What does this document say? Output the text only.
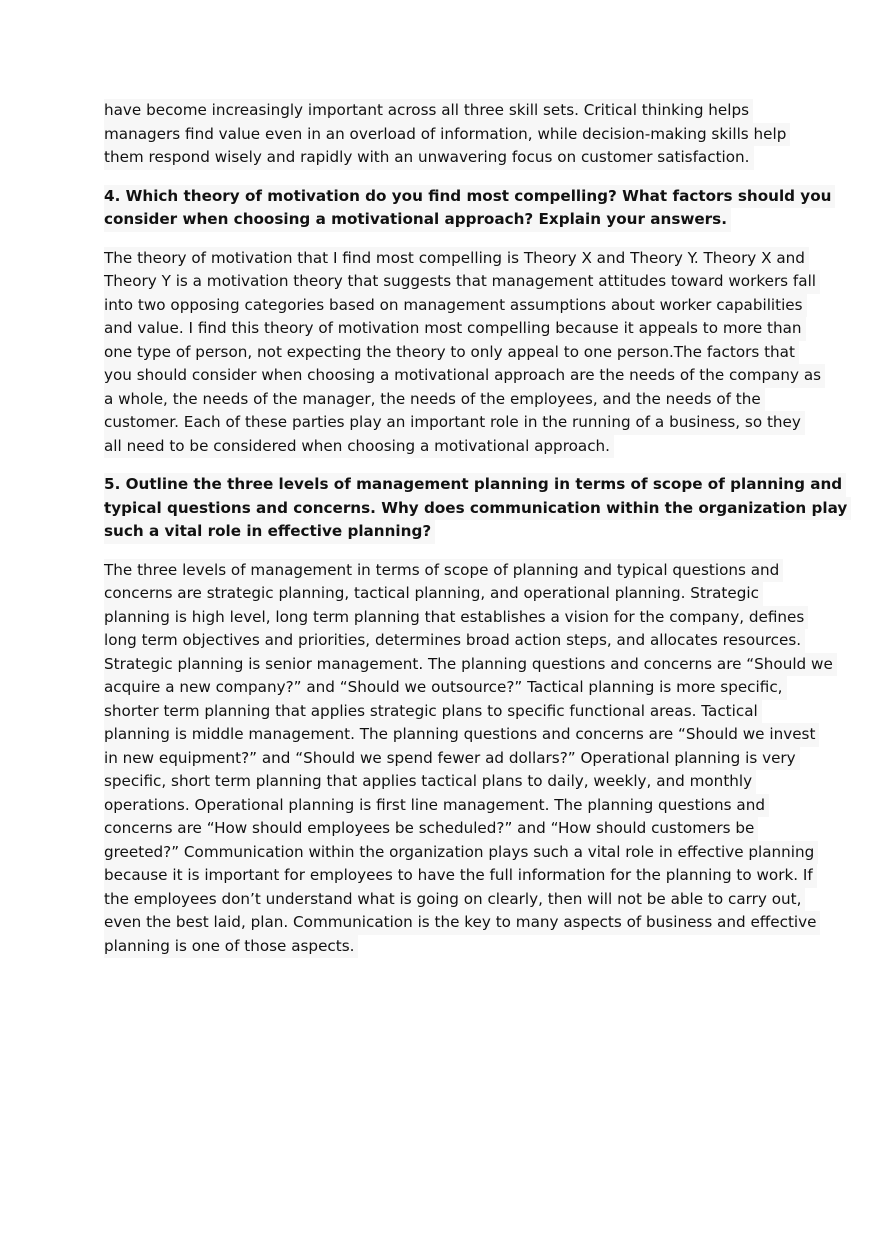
have become increasingly important across all three skill sets. Critical thinking helps
managers find value even in an overload of information, while decision-making skills help
them respond wisely and rapidly with an unwavering focus on customer satisfaction.

4. Which theory of motivation do you find most compelling? What factors should you
consider when choosing a motivational approach? Explain your answers.

The theory of motivation that I find most compelling is Theory X and Theory Y. Theory X and
Theory Y is a motivation theory that suggests that management attitudes toward workers fall
into two opposing categories based on management assumptions about worker capabilities
and value. I find this theory of motivation most compelling because it appeals to more than
one type of person, not expecting the theory to only appeal to one person.The factors that
you should consider when choosing a motivational approach are the needs of the company as
a whole, the needs of the manager, the needs of the employees, and the needs of the
customer. Each of these parties play an important role in the running of a business, so they
all need to be considered when choosing a motivational approach.

5. Outline the three levels of management planning in terms of scope of planning and
typical questions and concerns. Why does communication within the organization play
such a vital role in effective planning?

The three levels of management in terms of scope of planning and typical questions and
concerns are strategic planning, tactical planning, and operational planning. Strategic
planning is high level, long term planning that establishes a vision for the company, defines
long term objectives and priorities, determines broad action steps, and allocates resources.
Strategic planning is senior management. The planning questions and concerns are “Should we
acquire a new company?” and “Should we outsource?” Tactical planning is more specific,
shorter term planning that applies strategic plans to specific functional areas. Tactical
planning is middle management. The planning questions and concerns are “Should we invest
in new equipment?” and “Should we spend fewer ad dollars?” Operational planning is very
specific, short term planning that applies tactical plans to daily, weekly, and monthly
operations. Operational planning is first line management. The planning questions and
concerns are “How should employees be scheduled?” and “How should customers be
greeted?” Communication within the organization plays such a vital role in effective planning
because it is important for employees to have the full information for the planning to work. If
the employees don’t understand what is going on clearly, then will not be able to carry out,
even the best laid, plan. Communication is the key to many aspects of business and effective
planning is one of those aspects.
